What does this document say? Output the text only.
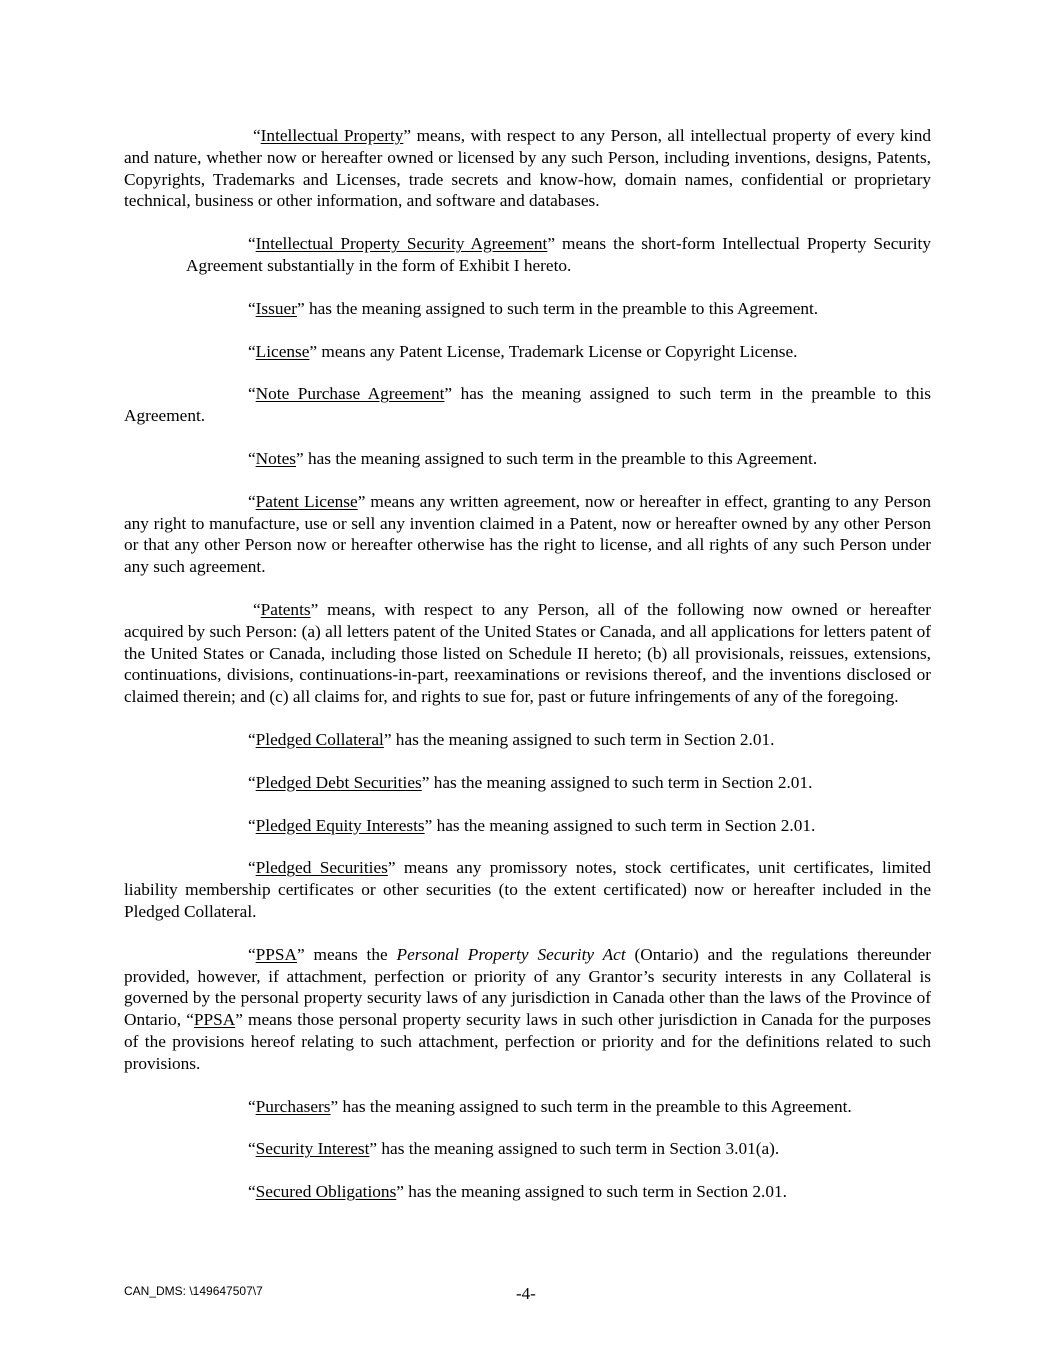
“Intellectual Property” means, with respect to any Person, all intellectual property of every kind and nature, whether now or hereafter owned or licensed by any such Person, including inventions, designs, Patents, Copyrights, Trademarks and Licenses, trade secrets and know-how, domain names, confidential or proprietary technical, business or other information, and software and databases.

“Intellectual Property Security Agreement” means the short-form Intellectual Property Security Agreement substantially in the form of Exhibit I hereto.

“Issuer” has the meaning assigned to such term in the preamble to this Agreement.

“License” means any Patent License, Trademark License or Copyright License.

“Note Purchase Agreement” has the meaning assigned to such term in the preamble to this Agreement.

“Notes” has the meaning assigned to such term in the preamble to this Agreement.

“Patent License” means any written agreement, now or hereafter in effect, granting to any Person any right to manufacture, use or sell any invention claimed in a Patent, now or hereafter owned by any other Person or that any other Person now or hereafter otherwise has the right to license, and all rights of any such Person under any such agreement.

“Patents” means, with respect to any Person, all of the following now owned or hereafter acquired by such Person: (a) all letters patent of the United States or Canada, and all applications for letters patent of the United States or Canada, including those listed on Schedule II hereto; (b) all provisionals, reissues, extensions, continuations, divisions, continuations-in-part, reexaminations or revisions thereof, and the inventions disclosed or claimed therein; and (c) all claims for, and rights to sue for, past or future infringements of any of the foregoing.

“Pledged Collateral” has the meaning assigned to such term in Section 2.01.

“Pledged Debt Securities” has the meaning assigned to such term in Section 2.01.

“Pledged Equity Interests” has the meaning assigned to such term in Section 2.01.

“Pledged Securities” means any promissory notes, stock certificates, unit certificates, limited liability membership certificates or other securities (to the extent certificated) now or hereafter included in the Pledged Collateral.

“PPSA” means the Personal Property Security Act (Ontario) and the regulations thereunder provided, however, if attachment, perfection or priority of any Grantor’s security interests in any Collateral is governed by the personal property security laws of any jurisdiction in Canada other than the laws of the Province of Ontario, “PPSA” means those personal property security laws in such other jurisdiction in Canada for the purposes of the provisions hereof relating to such attachment, perfection or priority and for the definitions related to such provisions.

“Purchasers” has the meaning assigned to such term in the preamble to this Agreement.

“Security Interest” has the meaning assigned to such term in Section 3.01(a).

“Secured Obligations” has the meaning assigned to such term in Section 2.01.

CAN_DMS: \149647507\7	-4-
